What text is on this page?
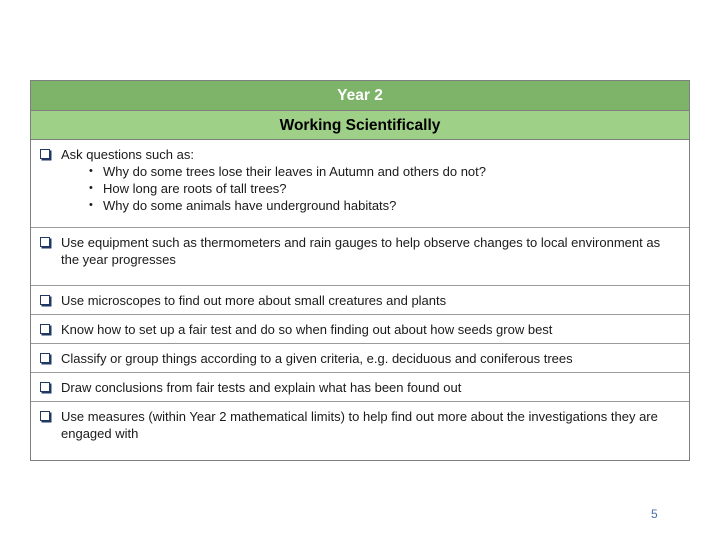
Year 2
Working Scientifically
Ask questions such as:
• Why do some trees lose their leaves in Autumn and others do not?
• How long are roots of tall trees?
• Why do some animals have underground habitats?
Use equipment such as thermometers and rain gauges to help observe changes to local environment as the year progresses
Use microscopes to find out more about small creatures and plants
Know how to set up a fair test and do so when finding out about how seeds grow best
Classify or group things according to a given criteria, e.g. deciduous and coniferous trees
Draw conclusions from fair tests and explain what has been found out
Use measures (within Year 2 mathematical limits) to help find out more about the investigations they are engaged with
5
